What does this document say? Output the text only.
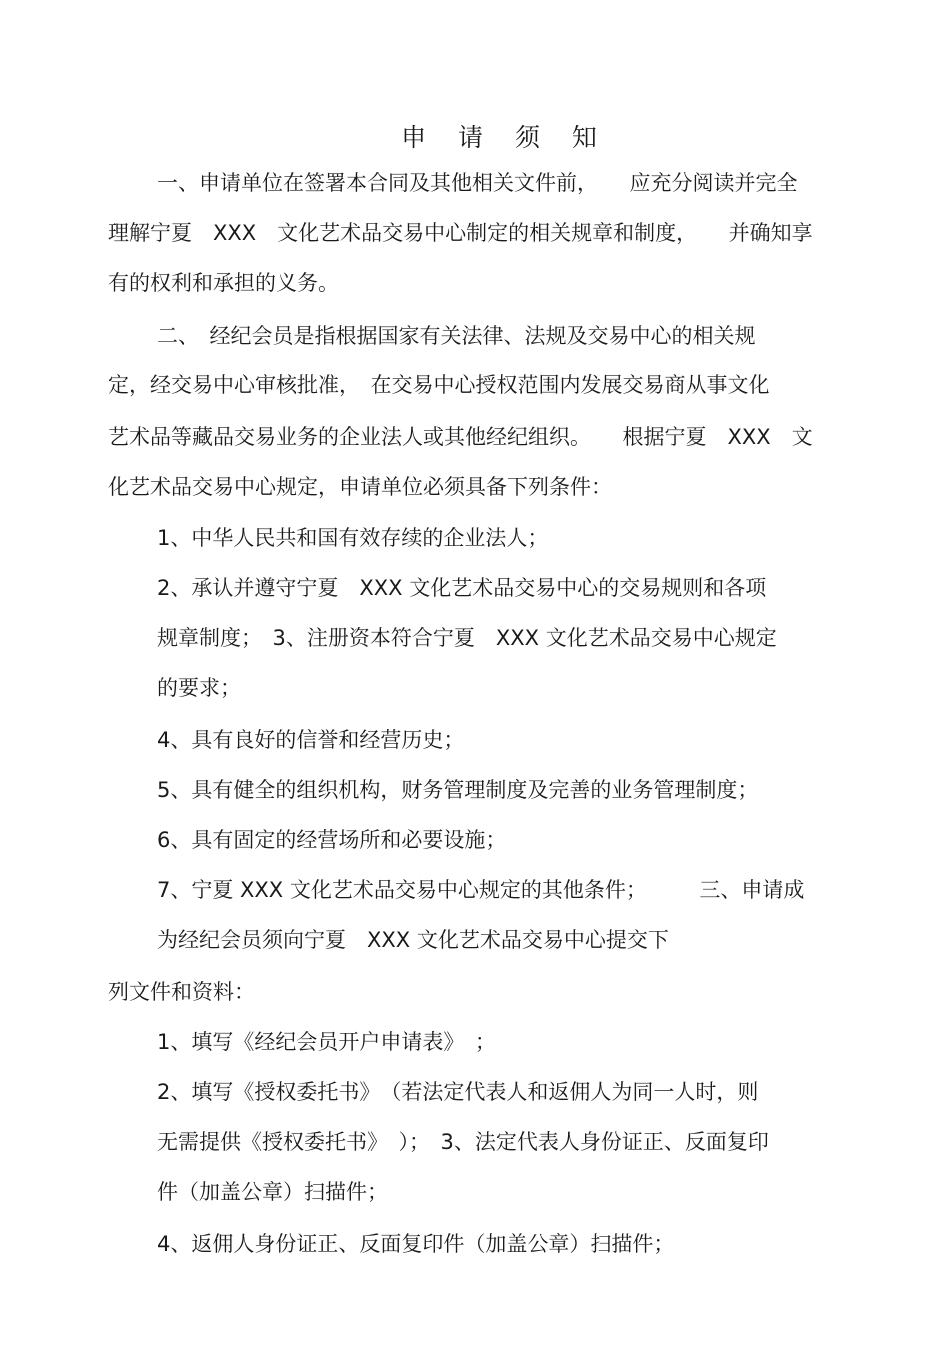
申 请 须 知
一、申请单位在签署本合同及其他相关文件前，　　应充分阅读并完全
理解宁夏　XXX　文化艺术品交易中心制定的相关规章和制度，　　并确知享
有的权利和承担的义务。
二、　经纪会员是指根据国家有关法律、法规及交易中心的相关规
定，经交易中心审核批准，　在交易中心授权范围内发展交易商从事文化
艺术品等藏品交易业务的企业法人或其他经纪组织。　　根据宁夏　XXX　文
化艺术品交易中心规定，申请单位必须具备下列条件：
1、中华人民共和国有效存续的企业法人；
2、承认并遵守宁夏　XXX 文化艺术品交易中心的交易规则和各项
规章制度；　3、注册资本符合宁夏　XXX 文化艺术品交易中心规定
的要求；
4、具有良好的信誉和经营历史；
5、具有健全的组织机构，财务管理制度及完善的业务管理制度；
6、具有固定的经营场所和必要设施；
7、宁夏 XXX 文化艺术品交易中心规定的其他条件；　　　三、申请成
为经纪会员须向宁夏　XXX 文化艺术品交易中心提交下
列文件和资料：
1、填写《经纪会员开户申请表》　；
2、填写《授权委托书》　（若法定代表人和返佣人为同一人时，则
无需提供《授权委托书》　）；　3、法定代表人身份证正、反面复印
件（加盖公章）扫描件；
4、返佣人身份证正、反面复印件（加盖公章）扫描件；
